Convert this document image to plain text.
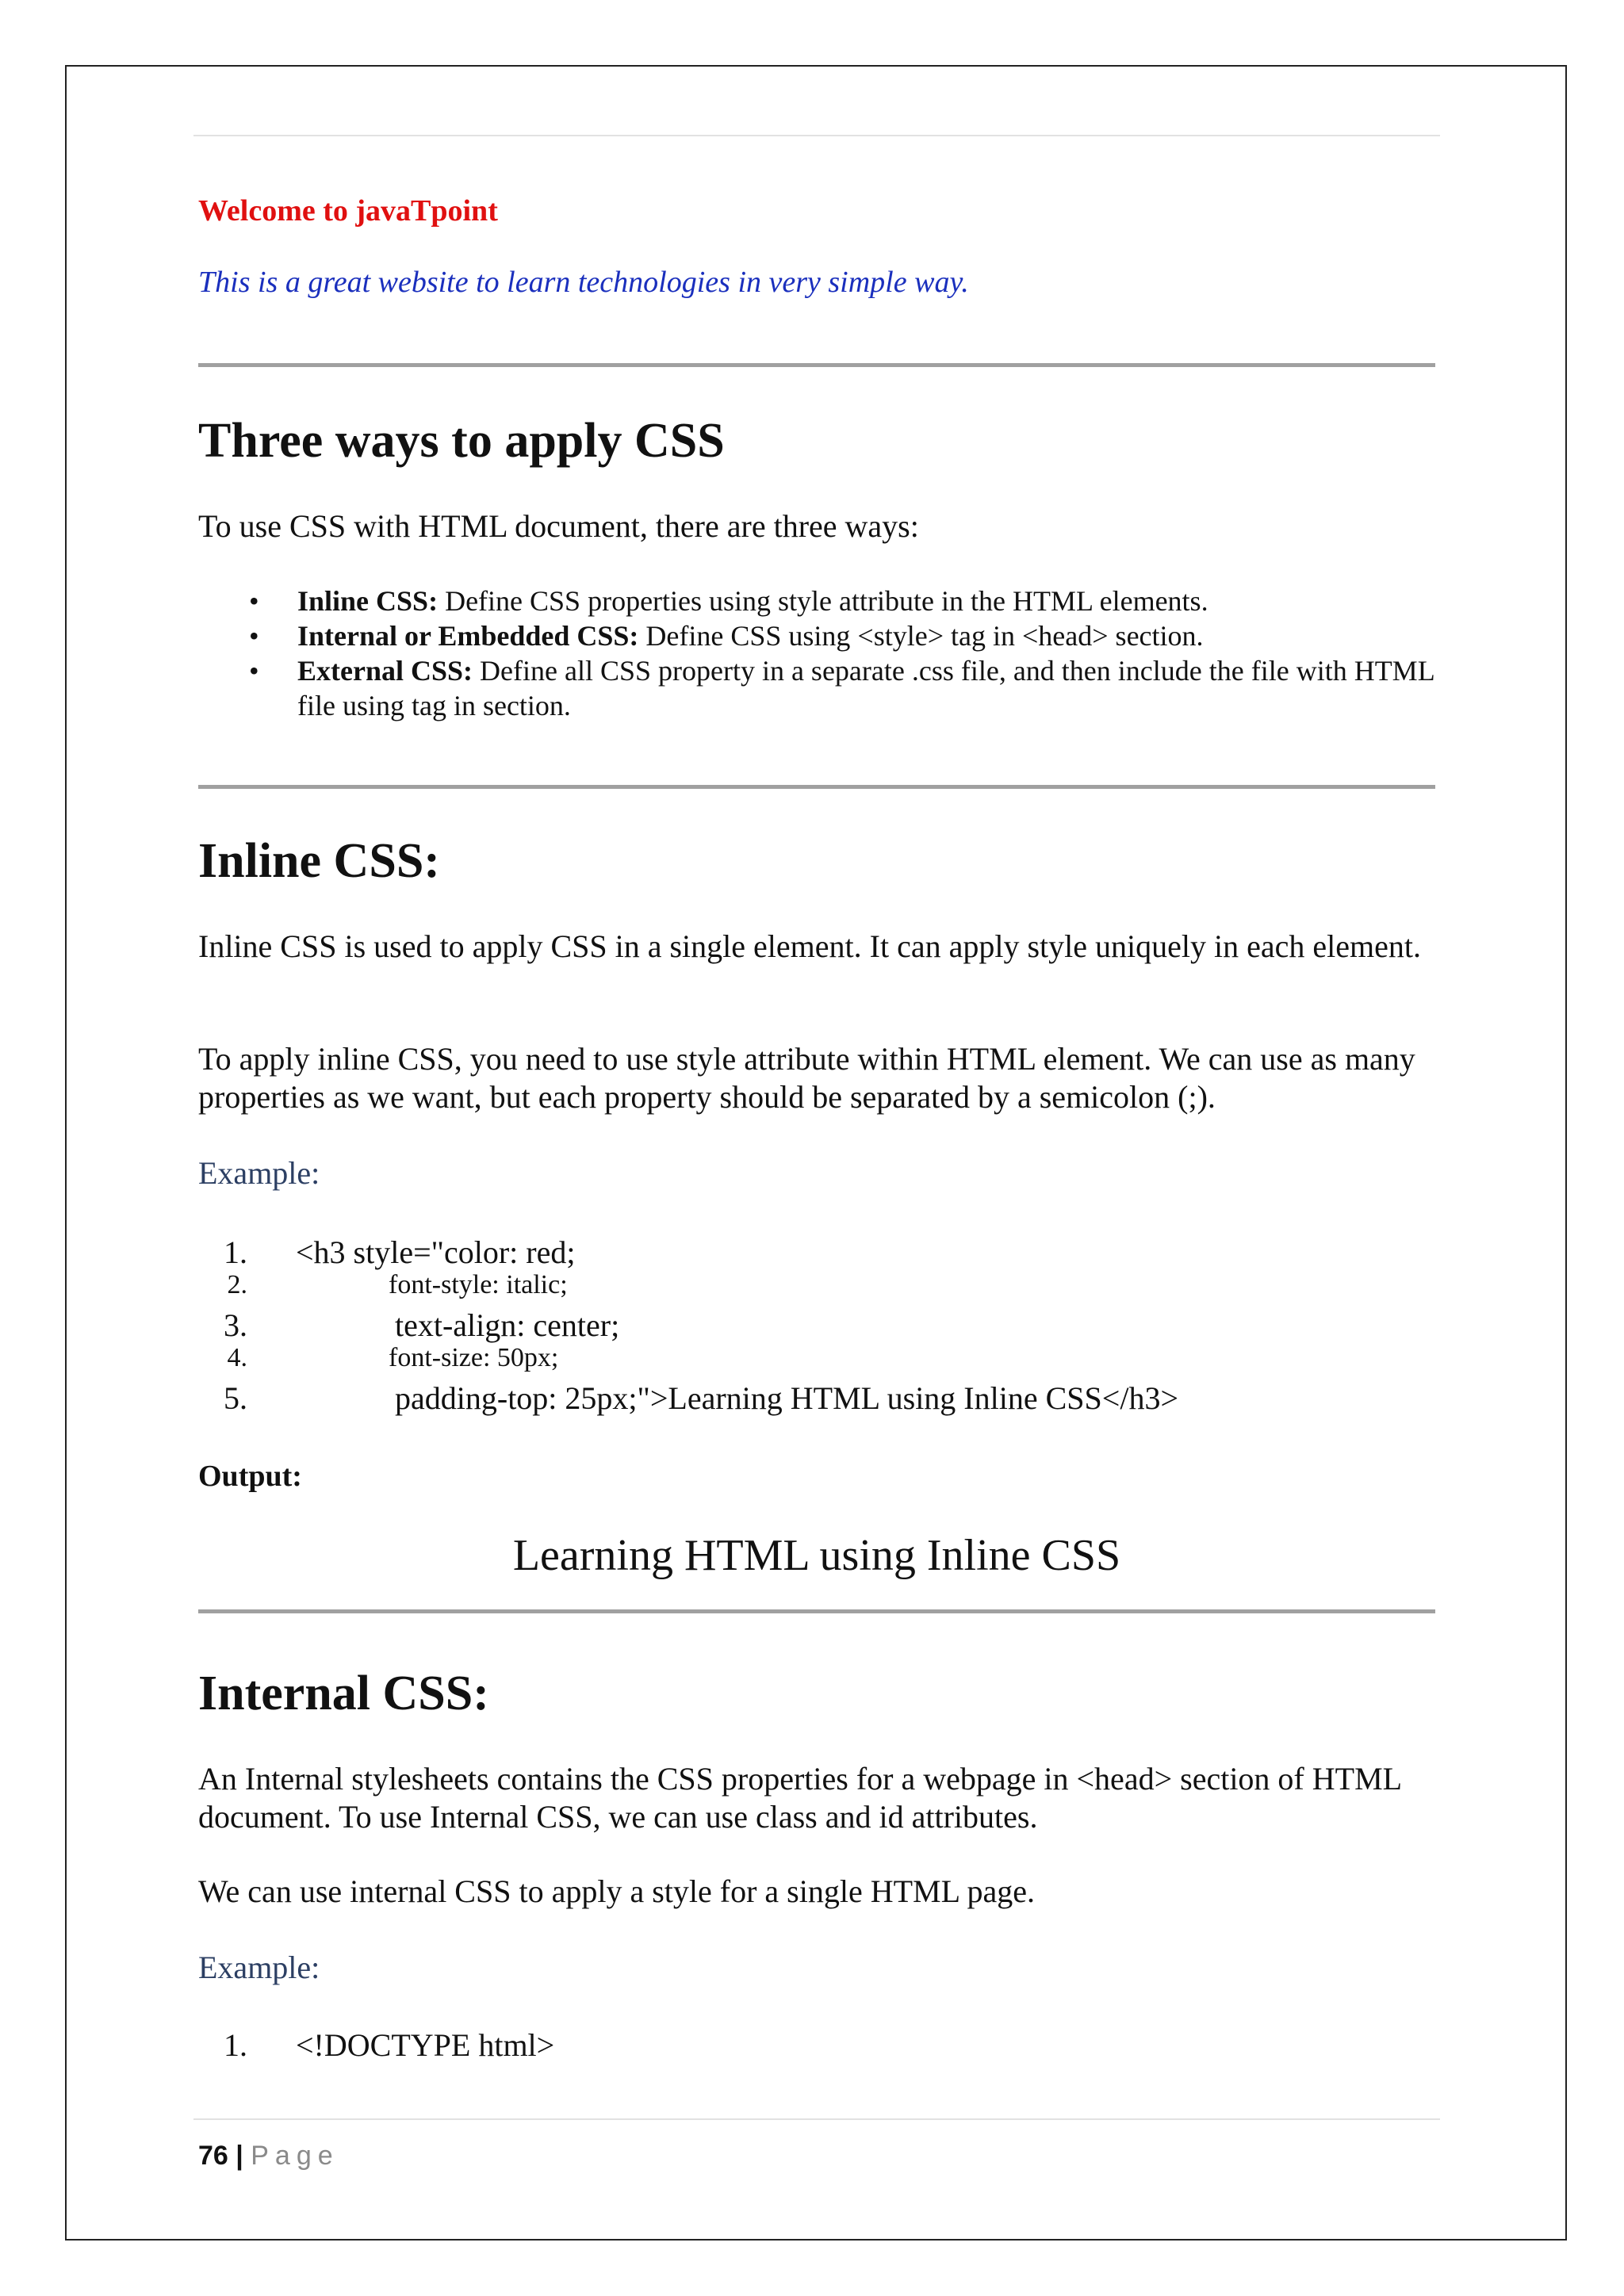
Welcome to javaTpoint

This is a great website to learn technologies in very simple way.

Three ways to apply CSS

To use CSS with HTML document, there are three ways:

• Inline CSS: Define CSS properties using style attribute in the HTML elements.
• Internal or Embedded CSS: Define CSS using <style> tag in <head> section.
• External CSS: Define all CSS property in a separate .css file, and then include the file with HTML file using tag in section.
Inline CSS:

Inline CSS is used to apply CSS in a single element. It can apply style uniquely in each element.

To apply inline CSS, you need to use style attribute within HTML element. We can use as many properties as we want, but each property should be separated by a semicolon (;).

Example:

1. <h3 style="color: red;
2.	font-style: italic;
3.	text-align: center;
4.	font-size: 50px;
5.	padding-top: 25px;">Learning HTML using Inline CSS</h3>

Output:

Learning HTML using Inline CSS
Internal CSS:

An Internal stylesheets contains the CSS properties for a webpage in <head> section of HTML document. To use Internal CSS, we can use class and id attributes.

We can use internal CSS to apply a style for a single HTML page.

Example:

1. <!DOCTYPE html>
76 | Page
